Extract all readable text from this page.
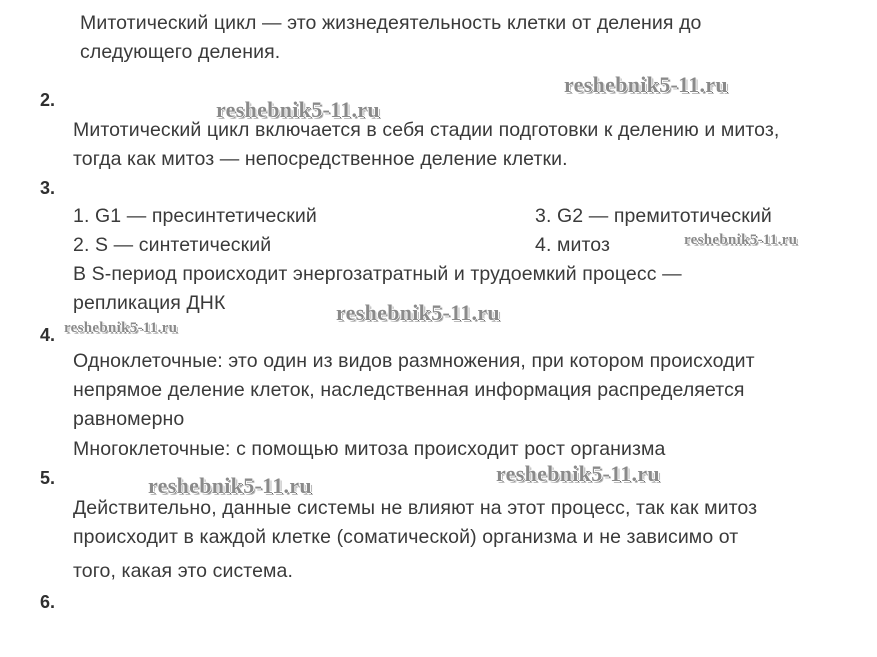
Митотический цикл — это жизнедеятельность клетки от деления до
следующего деления.
2.
Митотический цикл включается в себя стадии подготовки к делению и митоз,
тогда как митоз — непосредственное деление клетки.
3.
1. G1 — пресинтетический	3. G2 — премитотический
2. S — синтетический	4. митоз
В S-период происходит энергозатратный и трудоемкий процесс —
репликация ДНК
4.
Одноклеточные: это один из видов размножения, при котором происходит
непрямое деление клеток, наследственная информация распределяется
равномерно
Многоклеточные: с помощью митоза происходит рост организма
5.
Действительно, данные системы не влияют на этот процесс, так как митоз
происходит в каждой клетке (соматической) организма и не зависимо от
того, какая это система.
6.
reshebnik5-11.ru
reshebnik5-11.ru
reshebnik5-11.ru
reshebnik5-11.ru
reshebnik5-11.ru
reshebnik5-11.ru
reshebnik5-11.ru
